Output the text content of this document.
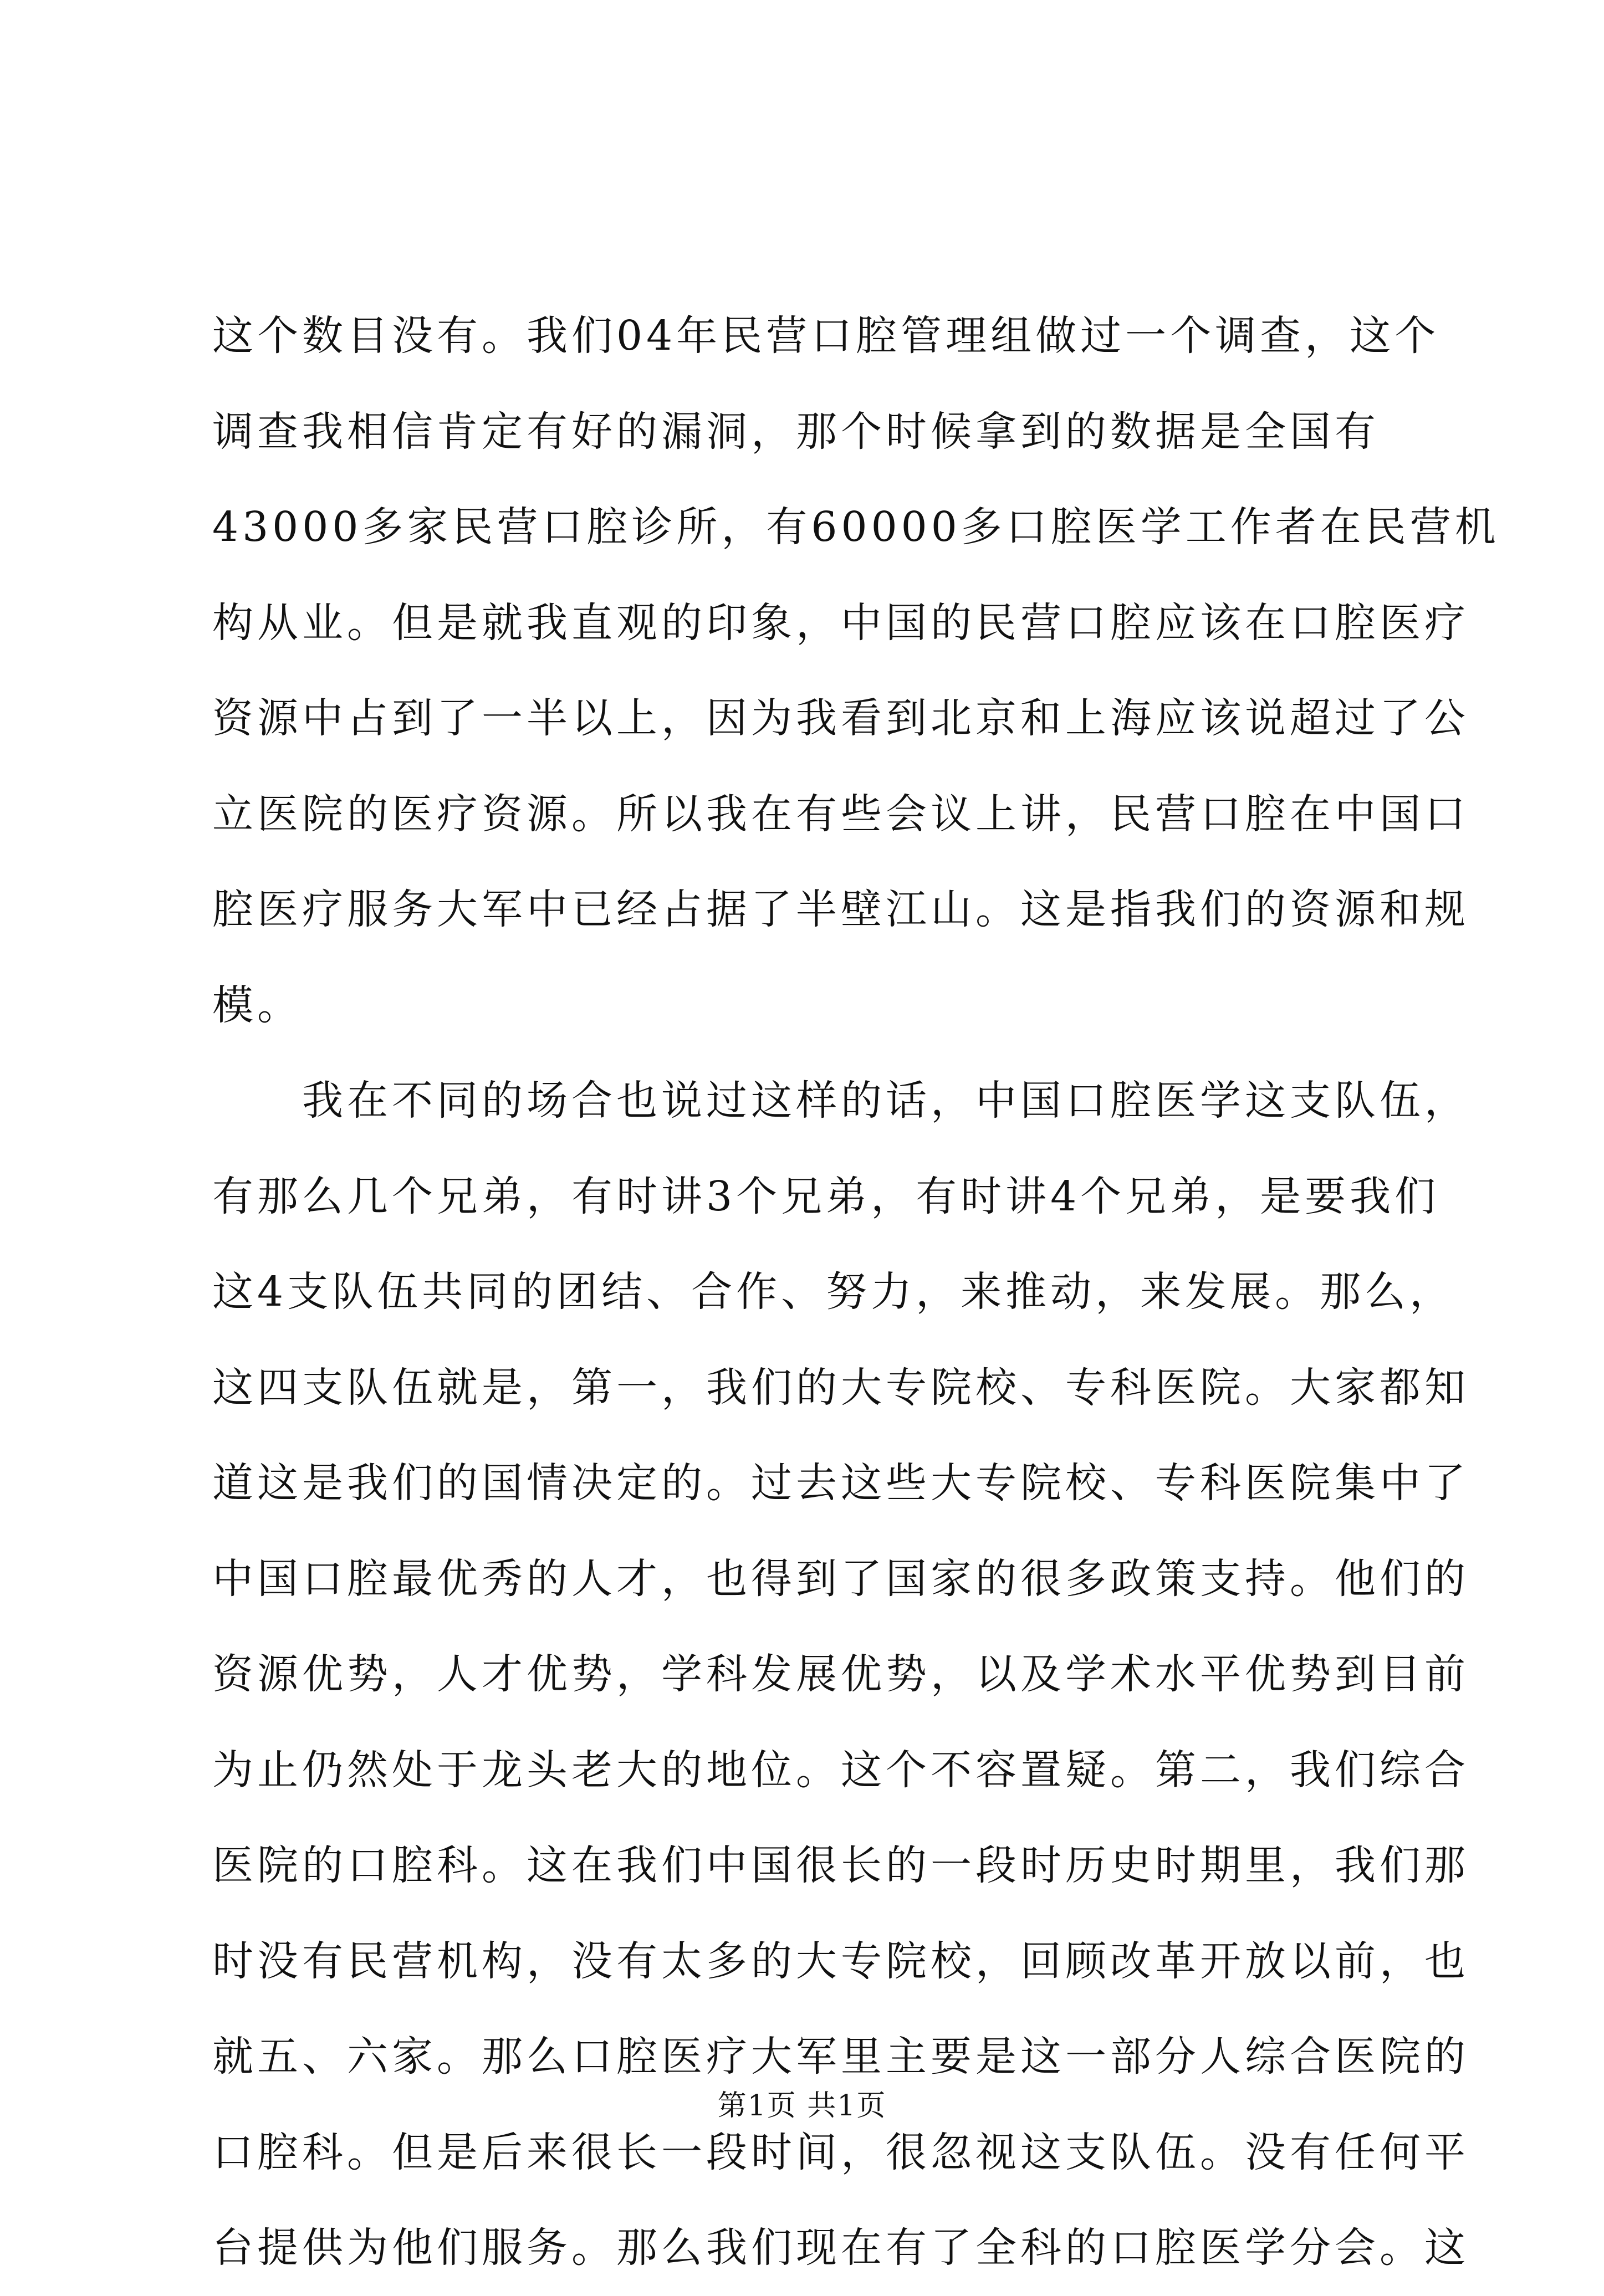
这个数目没有。我们04年民营口腔管理组做过一个调查，这个
调查我相信肯定有好的漏洞，那个时候拿到的数据是全国有
43000多家民营口腔诊所，有60000多口腔医学工作者在民营机
构从业。但是就我直观的印象，中国的民营口腔应该在口腔医疗
资源中占到了一半以上，因为我看到北京和上海应该说超过了公
立医院的医疗资源。所以我在有些会议上讲，民营口腔在中国口
腔医疗服务大军中已经占据了半壁江山。这是指我们的资源和规
模。
　　我在不同的场合也说过这样的话，中国口腔医学这支队伍，
有那么几个兄弟，有时讲3个兄弟，有时讲4个兄弟，是要我们
这4支队伍共同的团结、合作、努力，来推动，来发展。那么，
这四支队伍就是，第一，我们的大专院校、专科医院。大家都知
道这是我们的国情决定的。过去这些大专院校、专科医院集中了
中国口腔最优秀的人才，也得到了国家的很多政策支持。他们的
资源优势，人才优势，学科发展优势，以及学术水平优势到目前
为止仍然处于龙头老大的地位。这个不容置疑。第二，我们综合
医院的口腔科。这在我们中国很长的一段时历史时期里，我们那
时没有民营机构，没有太多的大专院校，回顾改革开放以前，也
就五、六家。那么口腔医疗大军里主要是这一部分人综合医院的
口腔科。但是后来很长一段时间，很忽视这支队伍。没有任何平
台提供为他们服务。那么我们现在有了全科的口腔医学分会。这
第1页 共1页
